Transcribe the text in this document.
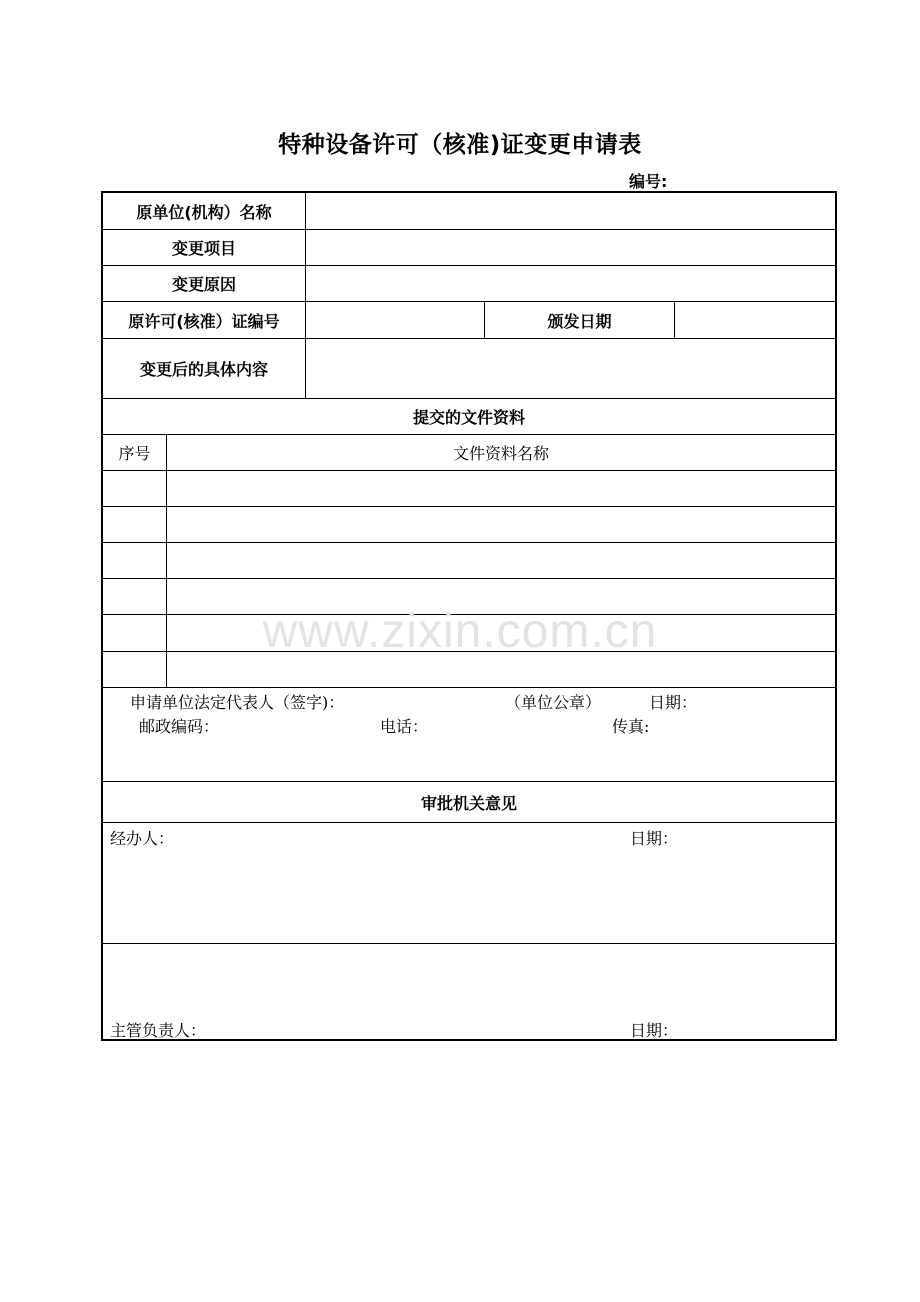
特种设备许可（核准)证变更申请表
编号:
原单位(机构）名称
变更项目
变更原因
原许可(核准）证编号	颁发日期
变更后的具体内容
提交的文件资料
序号	文件资料名称
申请单位法定代表人（签字)：	（单位公章）	日期：
邮政编码：	电话：	传真:
审批机关意见
经办人：	日期：
主管负责人：	日期：
www.zixin.com.cn
